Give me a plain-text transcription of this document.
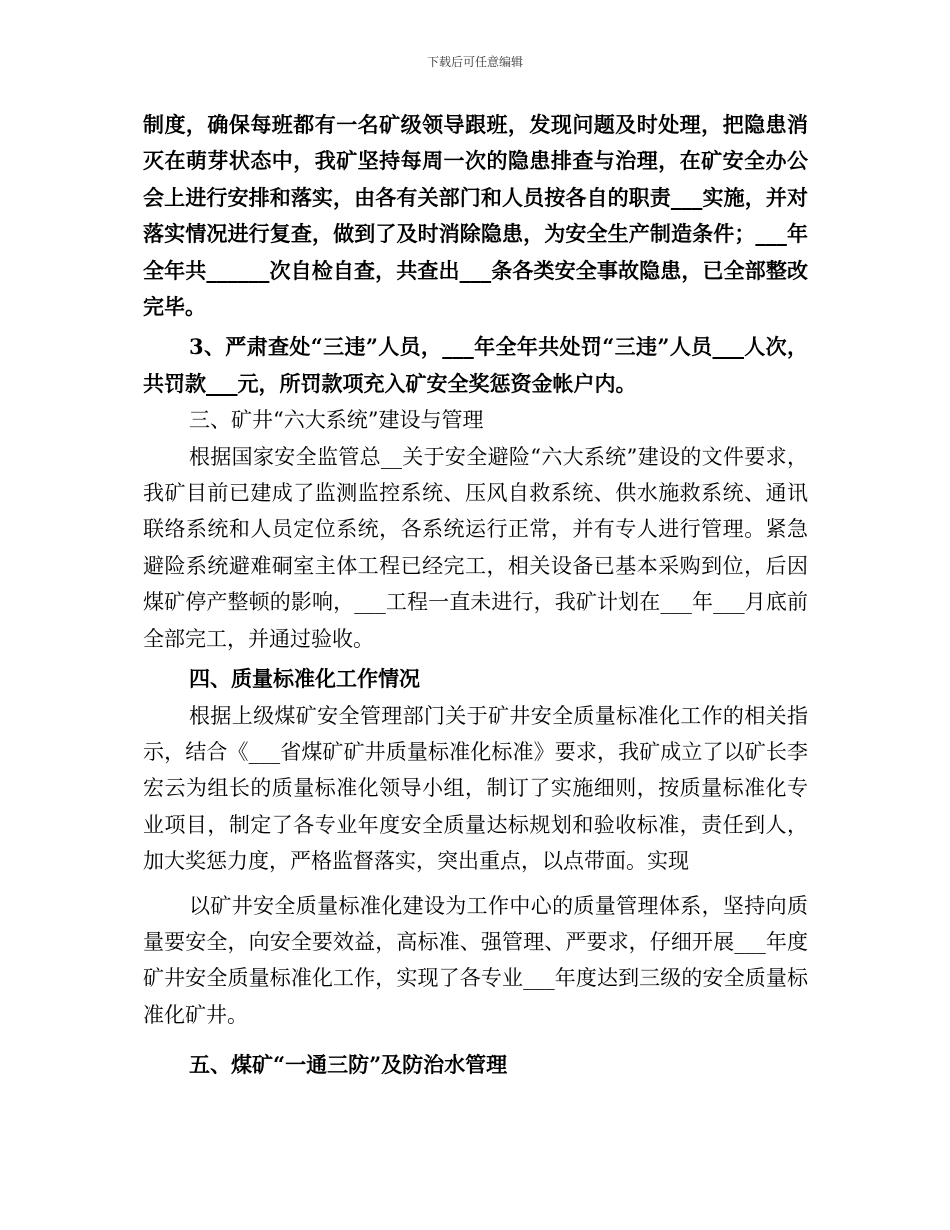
下载后可任意编辑

制度，确保每班都有一名矿级领导跟班，发现问题及时处理，把隐患消灭在萌芽状态中，我矿坚持每周一次的隐患排查与治理，在矿安全办公会上进行安排和落实，由各有关部门和人员按各自的职责___实施，并对落实情况进行复查，做到了及时消除隐患，为安全生产制造条件；___年全年共______次自检自查，共查出___条各类安全事故隐患，已全部整改完毕。

3、严肃查处“三违”人员，___年全年共处罚“三违”人员___人次，共罚款___元，所罚款项充入矿安全奖惩资金帐户内。

三、矿井“六大系统”建设与管理

根据国家安全监管总__关于安全避险“六大系统”建设的文件要求，我矿目前已建成了监测监控系统、压风自救系统、供水施救系统、通讯联络系统和人员定位系统，各系统运行正常，并有专人进行管理。紧急避险系统避难硐室主体工程已经完工，相关设备已基本采购到位，后因煤矿停产整顿的影响，___工程一直未进行，我矿计划在___年___月底前全部完工，并通过验收。

四、质量标准化工作情况

根据上级煤矿安全管理部门关于矿井安全质量标准化工作的相关指示，结合《___省煤矿矿井质量标准化标准》要求，我矿成立了以矿长李宏云为组长的质量标准化领导小组，制订了实施细则，按质量标准化专业项目，制定了各专业年度安全质量达标规划和验收标准，责任到人，加大奖惩力度，严格监督落实，突出重点，以点带面。实现

以矿井安全质量标准化建设为工作中心的质量管理体系，坚持向质量要安全，向安全要效益，高标准、强管理、严要求，仔细开展___年度矿井安全质量标准化工作，实现了各专业___年度达到三级的安全质量标准化矿井。

五、煤矿“一通三防”及防治水管理
